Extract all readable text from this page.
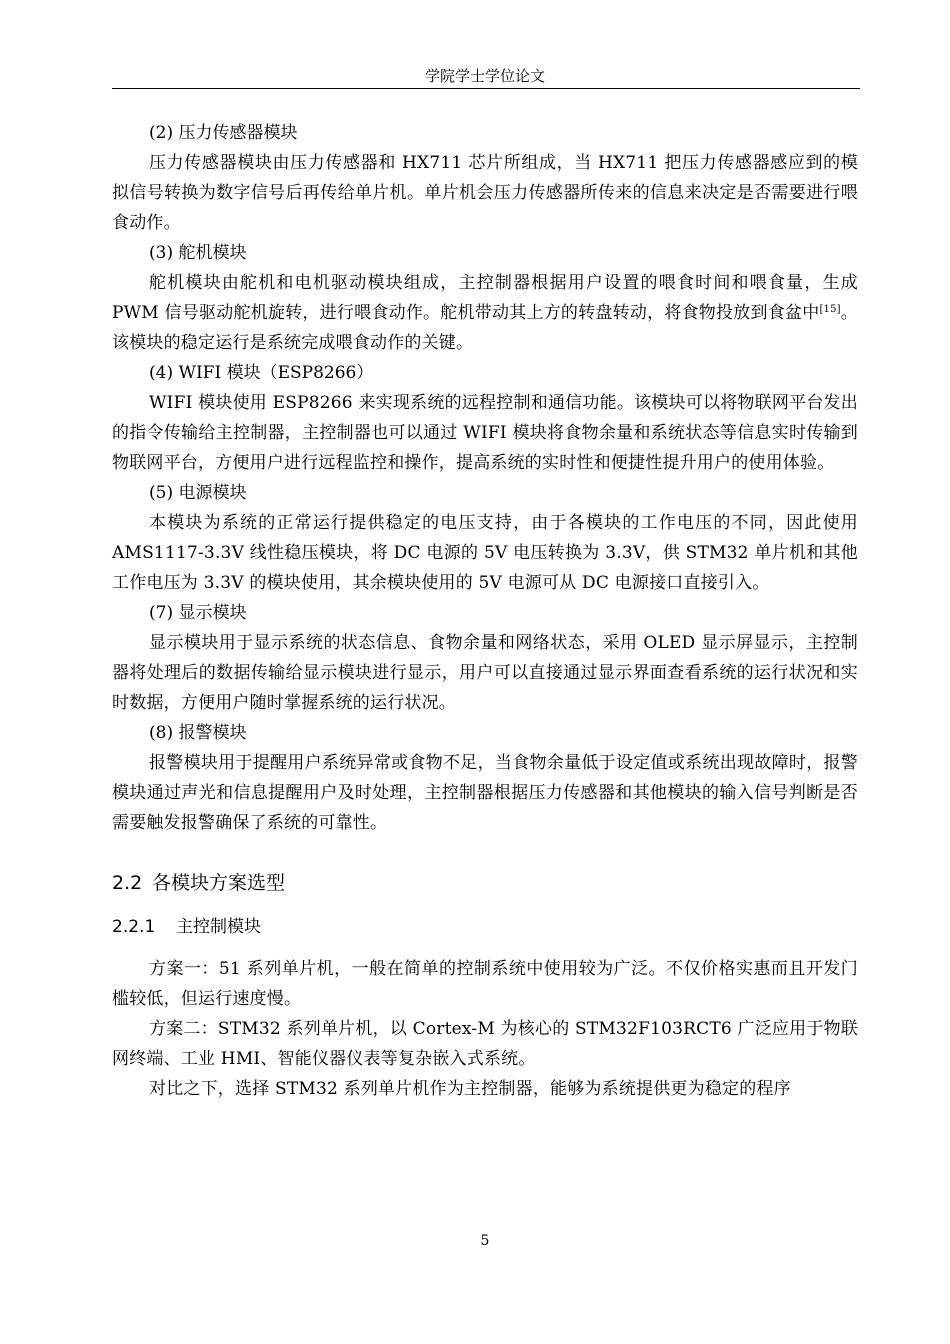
学院学士学位论文

(2) 压力传感器模块

压力传感器模块由压力传感器和 HX711 芯片所组成，当 HX711 把压力传感器感应到的模拟信号转换为数字信号后再传给单片机。单片机会压力传感器所传来的信息来决定是否需要进行喂食动作。

(3) 舵机模块

舵机模块由舵机和电机驱动模块组成，主控制器根据用户设置的喂食时间和喂食量，生成 PWM 信号驱动舵机旋转，进行喂食动作。舵机带动其上方的转盘转动，将食物投放到食盆中[15]。该模块的稳定运行是系统完成喂食动作的关键。

(4) WIFI 模块（ESP8266）

WIFI 模块使用 ESP8266 来实现系统的远程控制和通信功能。该模块可以将物联网平台发出的指令传输给主控制器，主控制器也可以通过 WIFI 模块将食物余量和系统状态等信息实时传输到物联网平台，方便用户进行远程监控和操作，提高系统的实时性和便捷性提升用户的使用体验。

(5) 电源模块

本模块为系统的正常运行提供稳定的电压支持，由于各模块的工作电压的不同，因此使用 AMS1117-3.3V 线性稳压模块，将 DC 电源的 5V 电压转换为 3.3V，供 STM32 单片机和其他工作电压为 3.3V 的模块使用，其余模块使用的 5V 电源可从 DC 电源接口直接引入。

(7) 显示模块

显示模块用于显示系统的状态信息、食物余量和网络状态，采用 OLED 显示屏显示，主控制器将处理后的数据传输给显示模块进行显示，用户可以直接通过显示界面查看系统的运行状况和实时数据，方便用户随时掌握系统的运行状况。

(8) 报警模块

报警模块用于提醒用户系统异常或食物不足，当食物余量低于设定值或系统出现故障时，报警模块通过声光和信息提醒用户及时处理，主控制器根据压力传感器和其他模块的输入信号判断是否需要触发报警确保了系统的可靠性。

2.2 各模块方案选型
2.2.1 主控制模块

方案一：51 系列单片机，一般在简单的控制系统中使用较为广泛。不仅价格实惠而且开发门槛较低，但运行速度慢。

方案二：STM32 系列单片机，以 Cortex-M 为核心的 STM32F103RCT6 广泛应用于物联网终端、工业 HMI、智能仪器仪表等复杂嵌入式系统。

对比之下，选择 STM32 系列单片机作为主控制器，能够为系统提供更为稳定的程序

5
